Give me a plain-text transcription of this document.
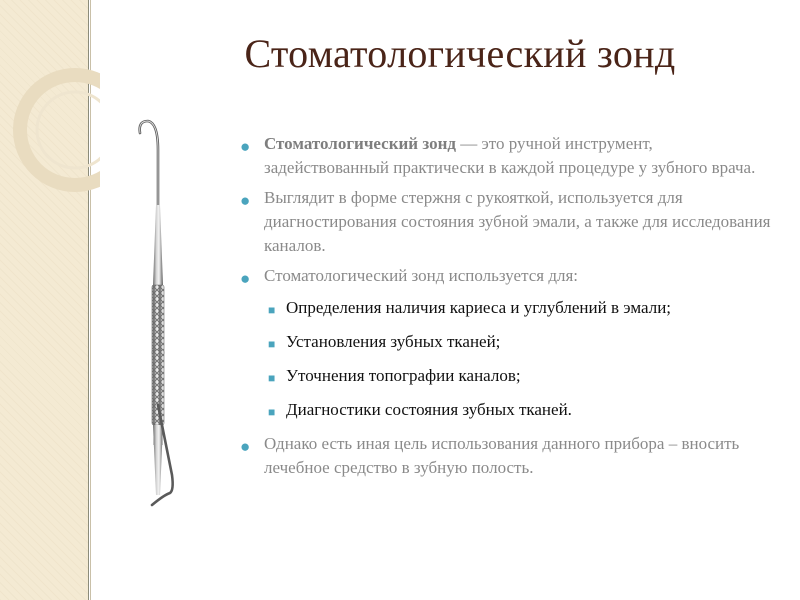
Стоматологический зонд
● Стоматологический зонд — это ручной инструмент, задействованный практически в каждой процедуре у зубного врача.
● Выглядит в форме стержня с рукояткой, используется для диагностирования состояния зубной эмали, а также для исследования каналов.
● Стоматологический зонд используется для:
■ Определения наличия кариеса и углублений в эмали;
■ Установления зубных тканей;
■ Уточнения топографии каналов;
■ Диагностики состояния зубных тканей.
● Однако есть иная цель использования данного прибора – вносить лечебное средство в зубную полость.
